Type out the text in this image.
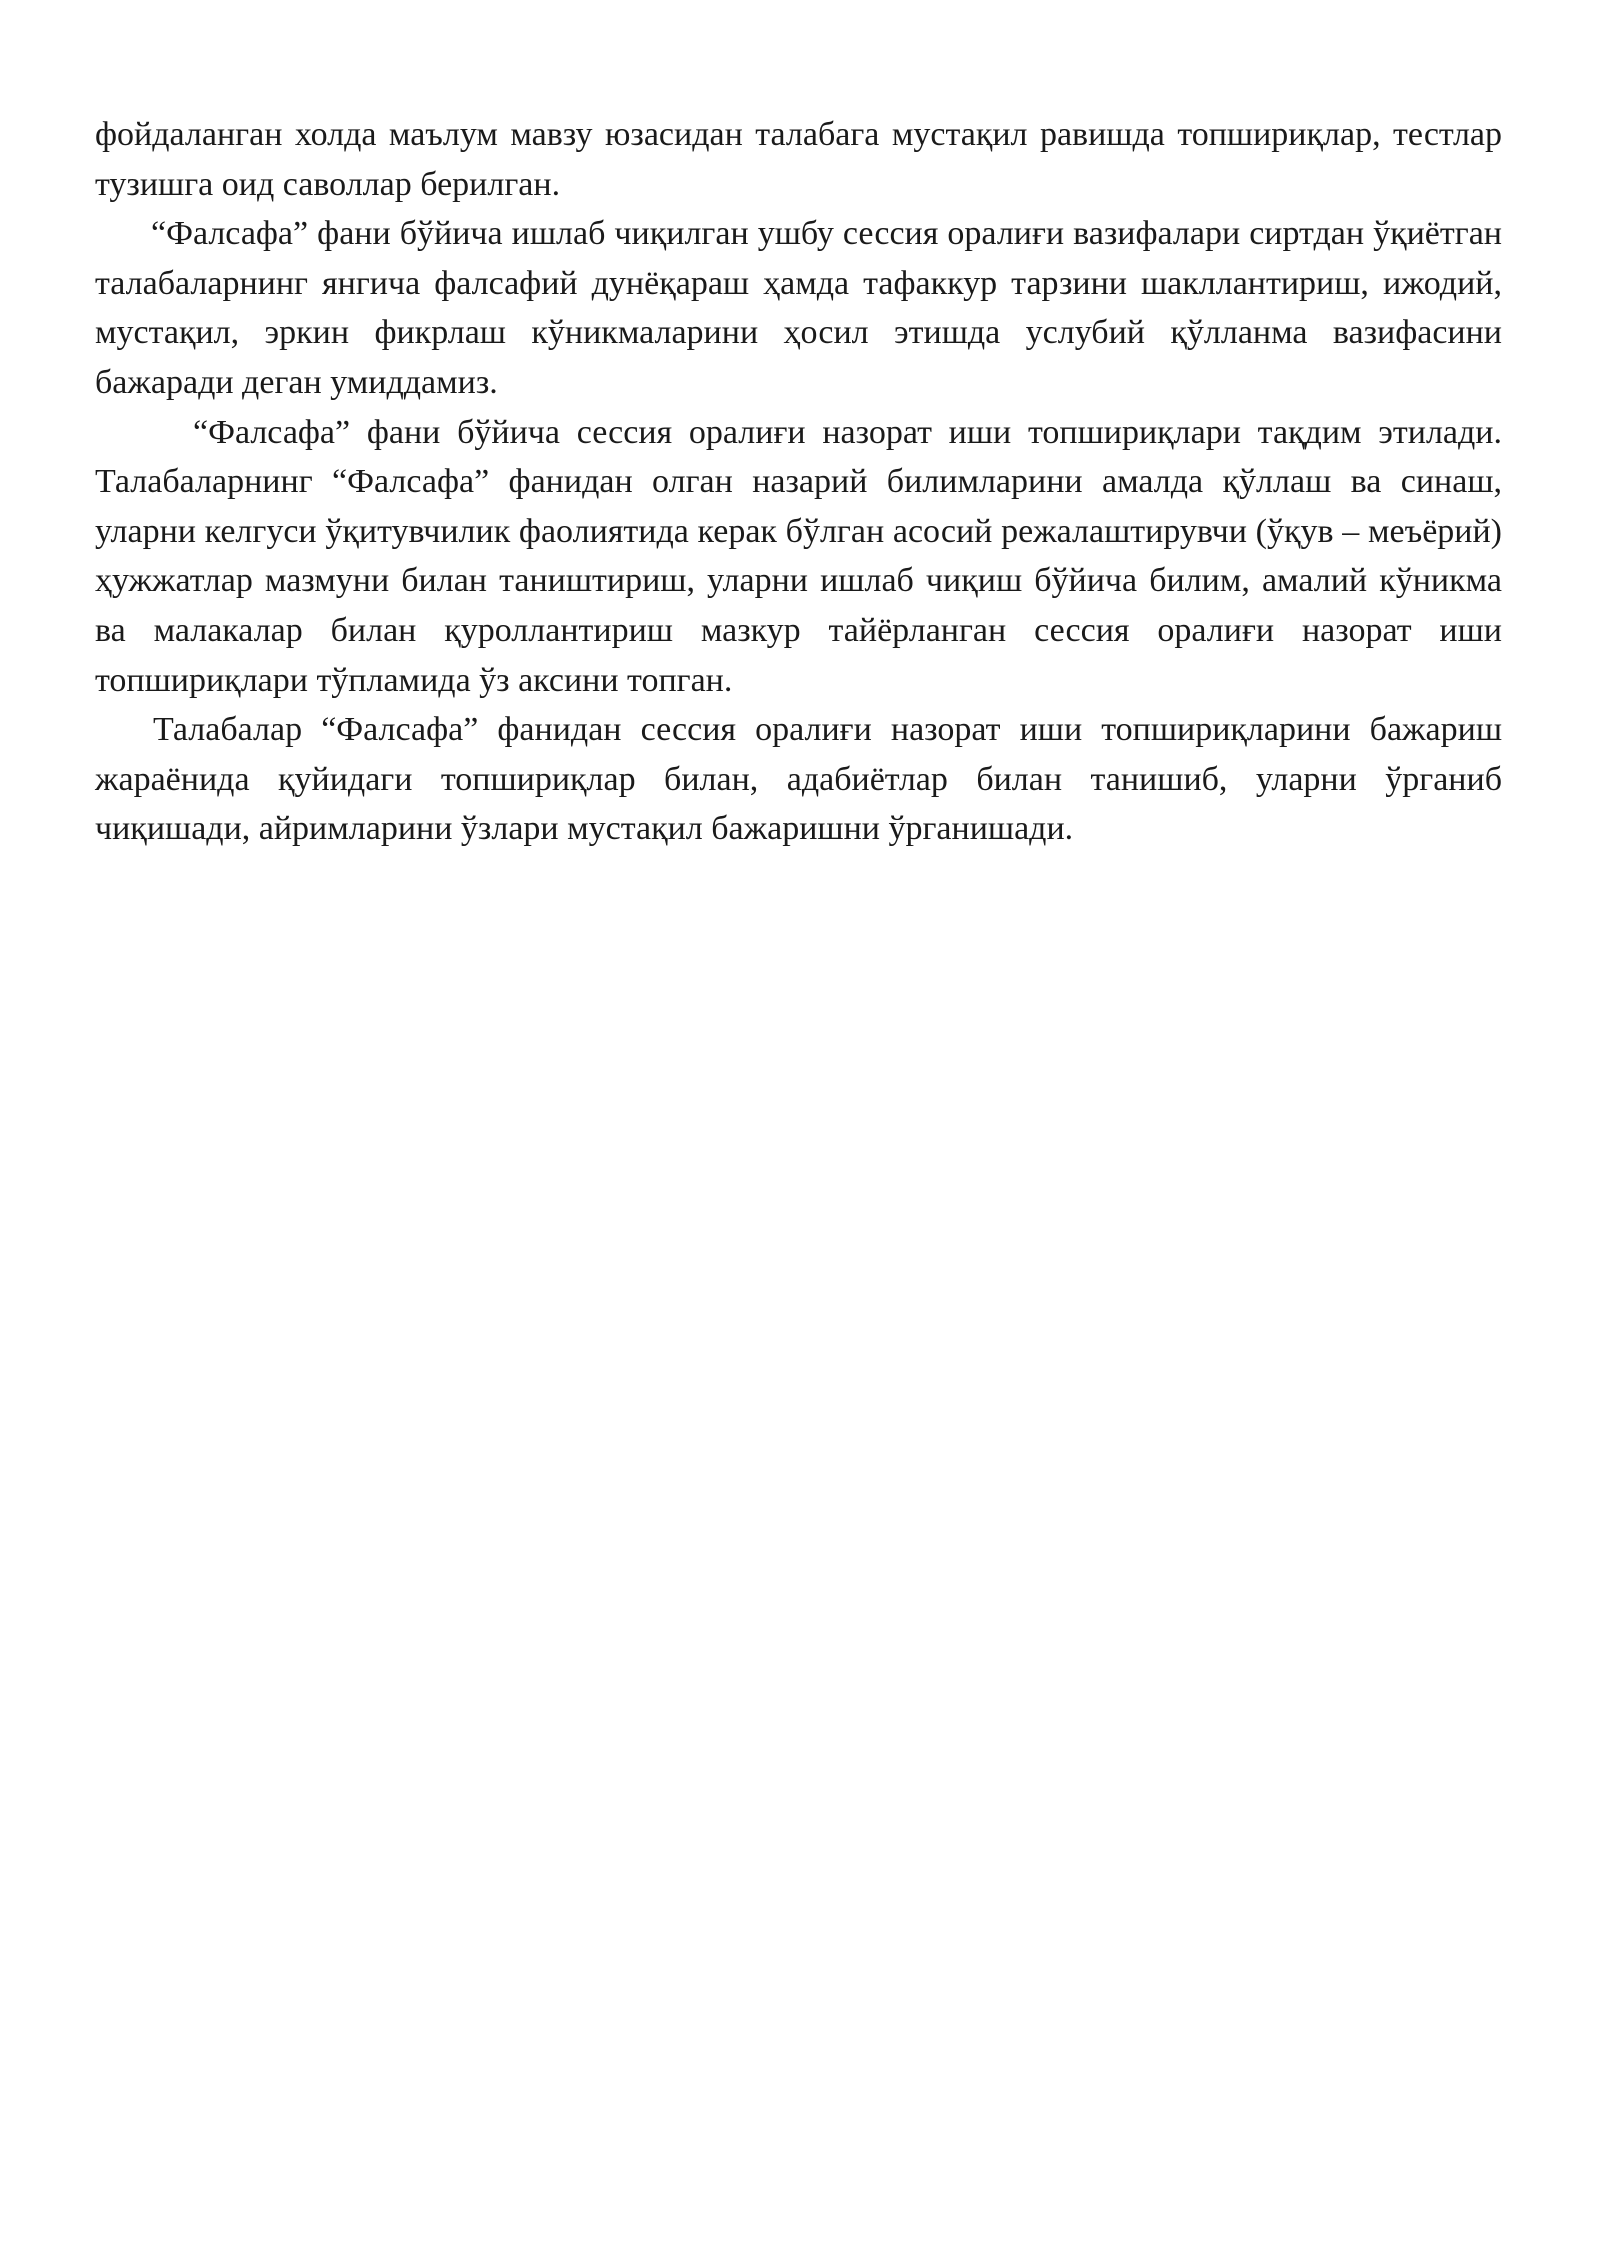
фойдаланган холда маълум мавзу юзасидан талабага мустақил равишда топшириқлар, тестлар тузишга оид саволлар берилган.

“Фалсафа” фани бўйича ишлаб чиқилган ушбу сессия оралиғи вазифалари сиртдан ўқиётган талабаларнинг янгича фалсафий дунёқараш ҳамда тафаккур тарзини шакллантириш, ижодий, мустақил, эркин фикрлаш кўникмаларини ҳосил этишда услубий қўлланма вазифасини бажаради деган умиддамиз.

“Фалсафа” фани бўйича сессия оралиғи назорат иши топшириқлари тақдим этилади. Талабаларнинг “Фалсафа” фанидан олган назарий билимларини амалда қўллаш ва синаш, уларни келгуси ўқитувчилик фаолиятида керак бўлган асосий режалаштирувчи (ўқув – меъёрий) ҳужжатлар мазмуни билан таништириш, уларни ишлаб чиқиш бўйича билим, амалий кўникма ва малакалар билан қуроллантириш мазкур тайёрланган сессия оралиғи назорат иши топшириқлари тўпламида ўз аксини топган.

Талабалар “Фалсафа” фанидан сессия оралиғи назорат иши топшириқларини бажариш жараёнида қуйидаги топшириқлар билан, адабиётлар билан танишиб, уларни ўрганиб чиқишади, айримларини ўзлари мустақил бажаришни ўрганишади.
